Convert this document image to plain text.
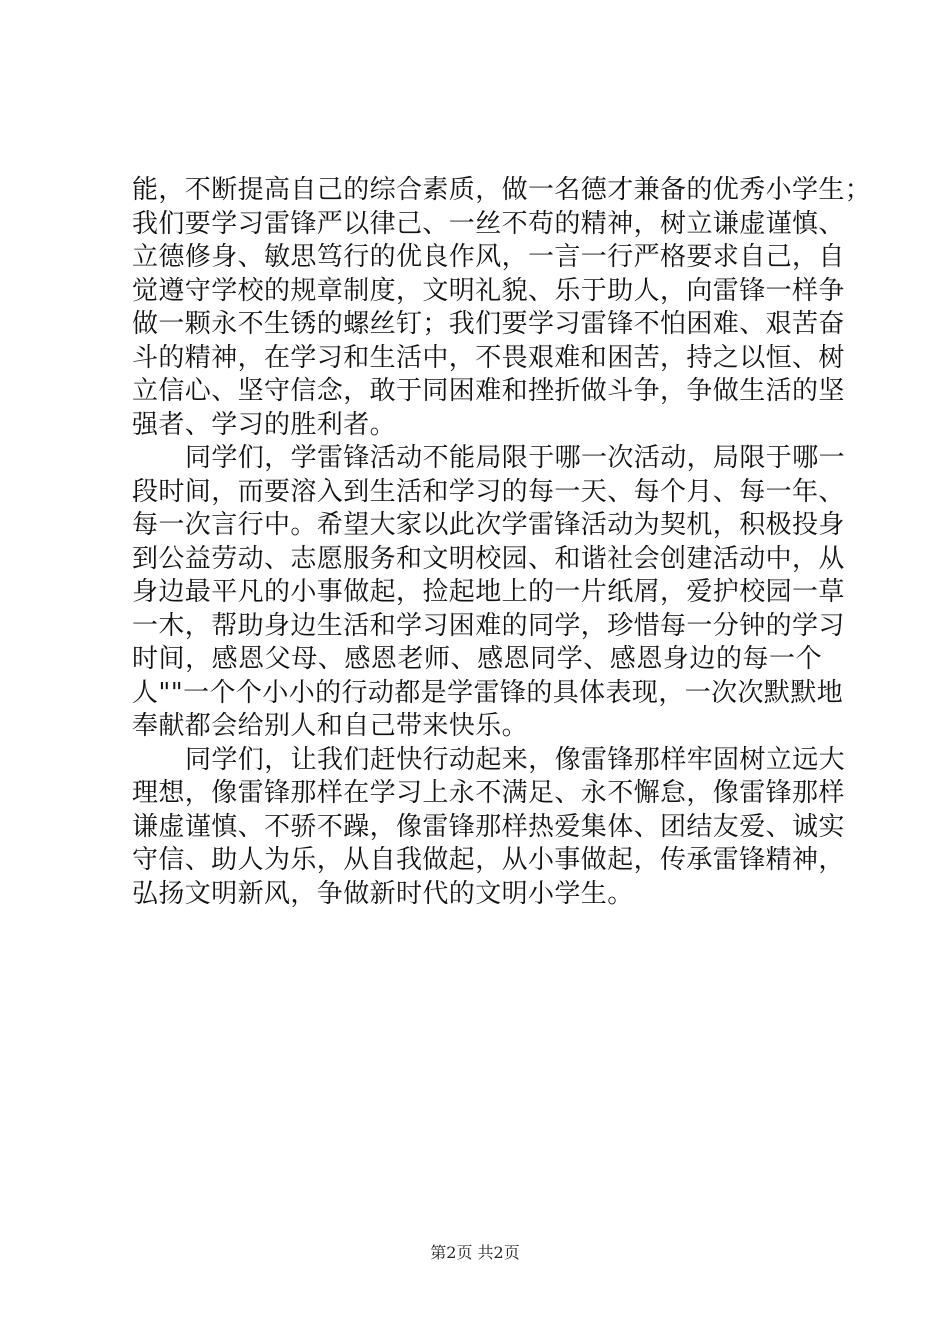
能，不断提高自己的综合素质，做一名德才兼备的优秀小学生；
我们要学习雷锋严以律己、一丝不苟的精神，树立谦虚谨慎、
立德修身、敏思笃行的优良作风，一言一行严格要求自己，自
觉遵守学校的规章制度，文明礼貌、乐于助人，向雷锋一样争
做一颗永不生锈的螺丝钉；我们要学习雷锋不怕困难、艰苦奋
斗的精神，在学习和生活中，不畏艰难和困苦，持之以恒、树
立信心、坚守信念，敢于同困难和挫折做斗争，争做生活的坚
强者、学习的胜利者。
同学们，学雷锋活动不能局限于哪一次活动，局限于哪一
段时间，而要溶入到生活和学习的每一天、每个月、每一年、
每一次言行中。希望大家以此次学雷锋活动为契机，积极投身
到公益劳动、志愿服务和文明校园、和谐社会创建活动中，从
身边最平凡的小事做起，捡起地上的一片纸屑，爱护校园一草
一木，帮助身边生活和学习困难的同学，珍惜每一分钟的学习
时间，感恩父母、感恩老师、感恩同学、感恩身边的每一个
人""一个个小小的行动都是学雷锋的具体表现，一次次默默地
奉献都会给别人和自己带来快乐。
同学们，让我们赶快行动起来，像雷锋那样牢固树立远大
理想，像雷锋那样在学习上永不满足、永不懈怠，像雷锋那样
谦虚谨慎、不骄不躁，像雷锋那样热爱集体、团结友爱、诚实
守信、助人为乐，从自我做起，从小事做起，传承雷锋精神，
弘扬文明新风，争做新时代的文明小学生。
第2页 共2页
